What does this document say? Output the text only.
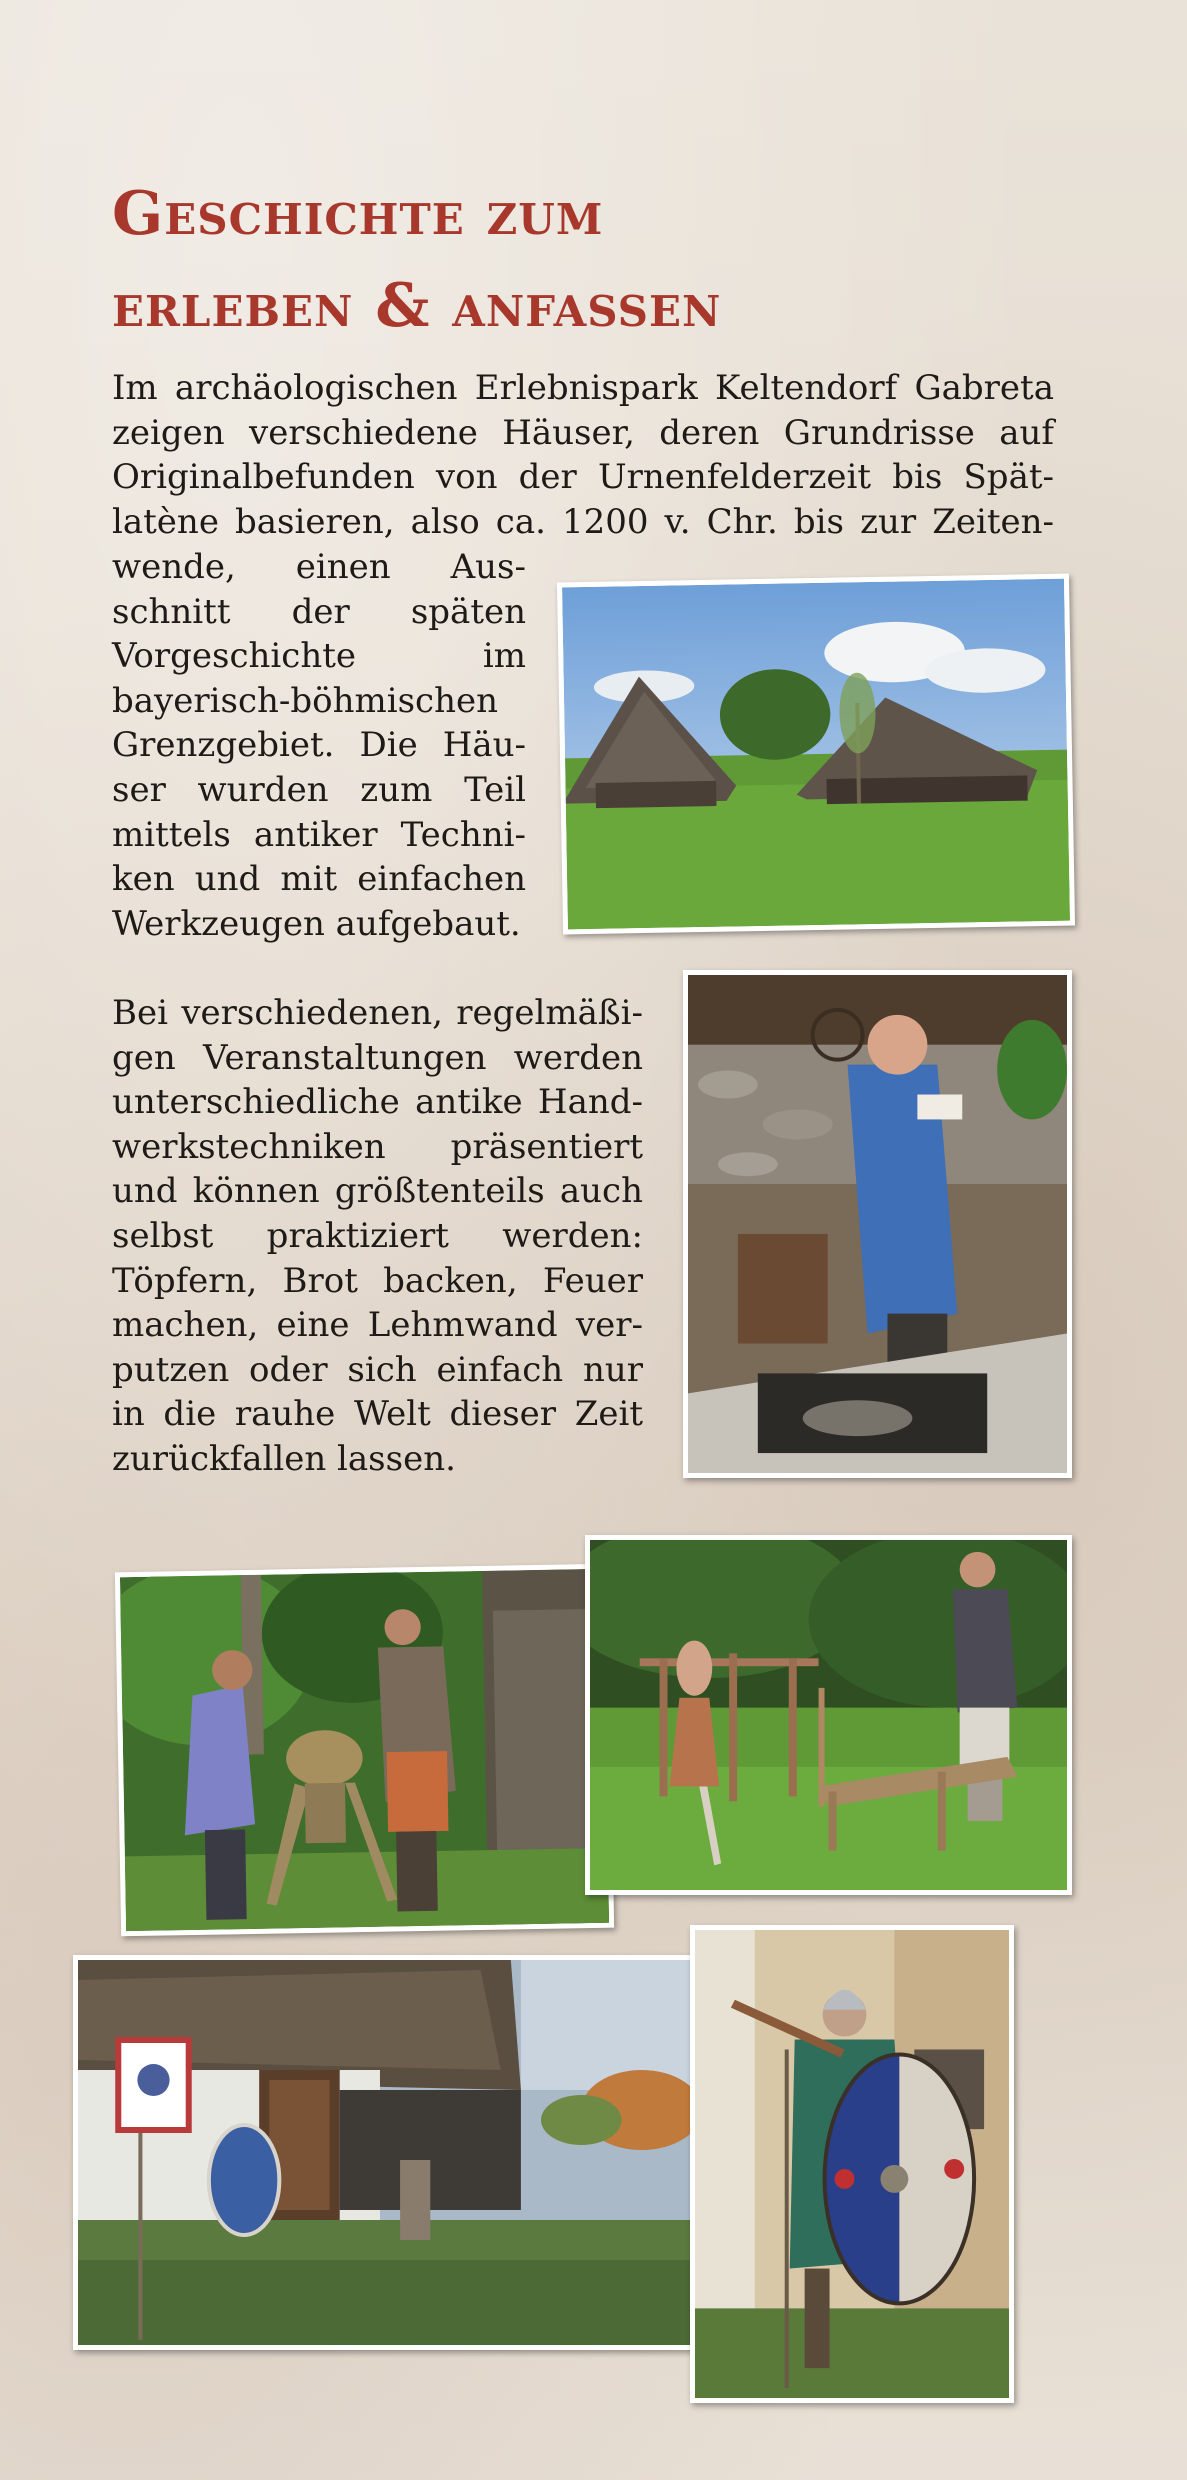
Geschichte zum
erleben & anfassen
Im archäologischen Erlebnispark Keltendorf Gabreta
zeigen verschiedene Häuser, deren Grundrisse auf
Originalbefunden von der Urnenfelderzeit bis Spät-
latène basieren, also ca. 1200 v. Chr. bis zur Zeiten-
wende, einen Aus-
schnitt der späten
Vorgeschichte im
bayerisch-böhmischen
Grenzgebiet. Die Häu-
ser wurden zum Teil
mittels antiker Techni-
ken und mit einfachen
Werkzeugen aufgebaut.
Bei verschiedenen, regelmäßi-
gen Veranstaltungen werden
unterschiedliche antike Hand-
werkstechniken präsentiert
und können größtenteils auch
selbst praktiziert werden:
Töpfern, Brot backen, Feuer
machen, eine Lehmwand ver-
putzen oder sich einfach nur
in die rauhe Welt dieser Zeit
zurückfallen lassen.
